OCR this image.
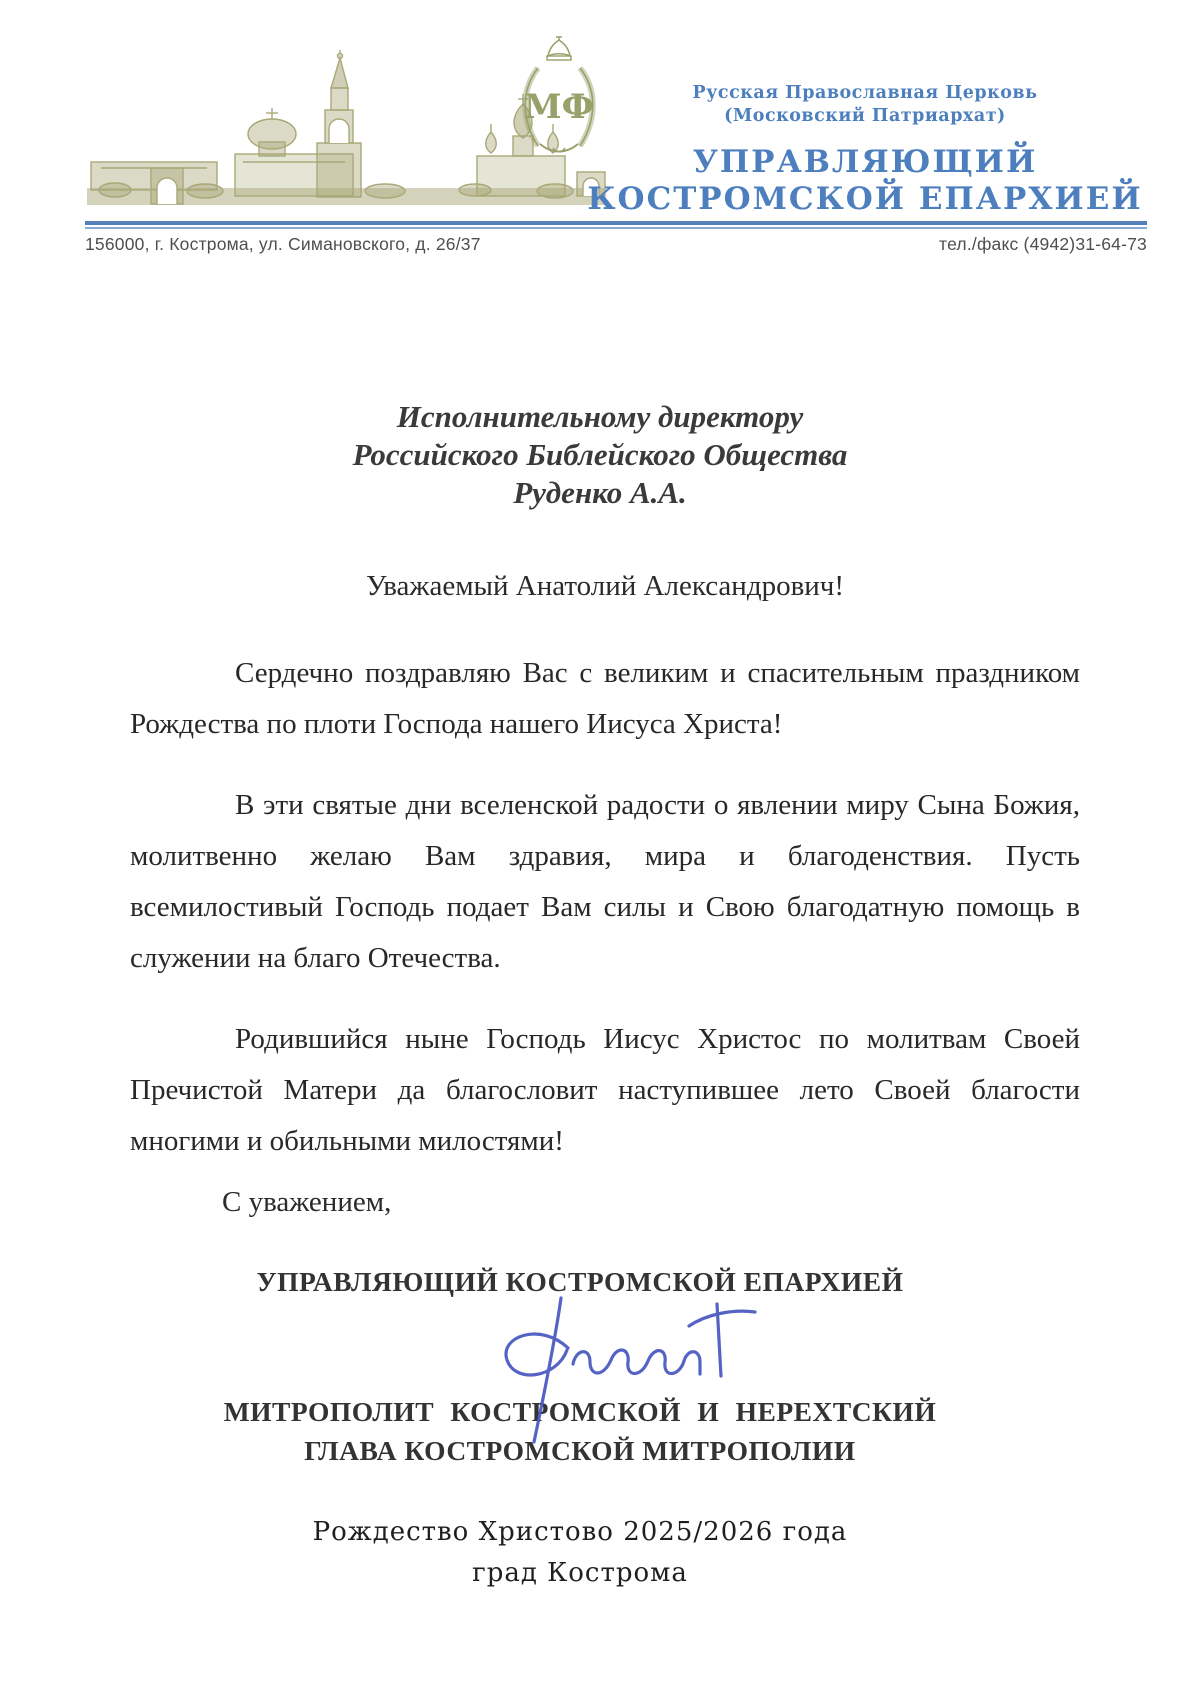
МФ	Русская Православная Церковь
(Московский Патриархат)
УПРАВЛЯЮЩИЙ
КОСТРОМСКОЙ ЕПАРХИЕЙ
156000, г. Кострома, ул. Симановского, д. 26/37	тел./факс (4942)31-64-73
Исполнительному директору
Российского Библейского Общества
Руденко А.А.
Уважаемый Анатолий Александрович!

Сердечно поздравляю Вас с великим и спасительным праздником Рождества по плоти Господа нашего Иисуса Христа!

В эти святые дни вселенской радости о явлении миру Сына Божия, молитвенно желаю Вам здравия, мира и благоденствия. Пусть всемилостивый Господь подает Вам силы и Свою благодатную помощь в служении на благо Отечества.

Родившийся ныне Господь Иисус Христос по молитвам Своей Пречистой Матери да благословит наступившее лето Своей благости многими и обильными милостями!

С уважением,
УПРАВЛЯЮЩИЙ КОСТРОМСКОЙ ЕПАРХИЕЙ
МИТРОПОЛИТ КОСТРОМСКОЙ И НЕРЕХТСКИЙ
ГЛАВА КОСТРОМСКОЙ МИТРОПОЛИИ
Рождество Христово 2025/2026 года
град Кострома
